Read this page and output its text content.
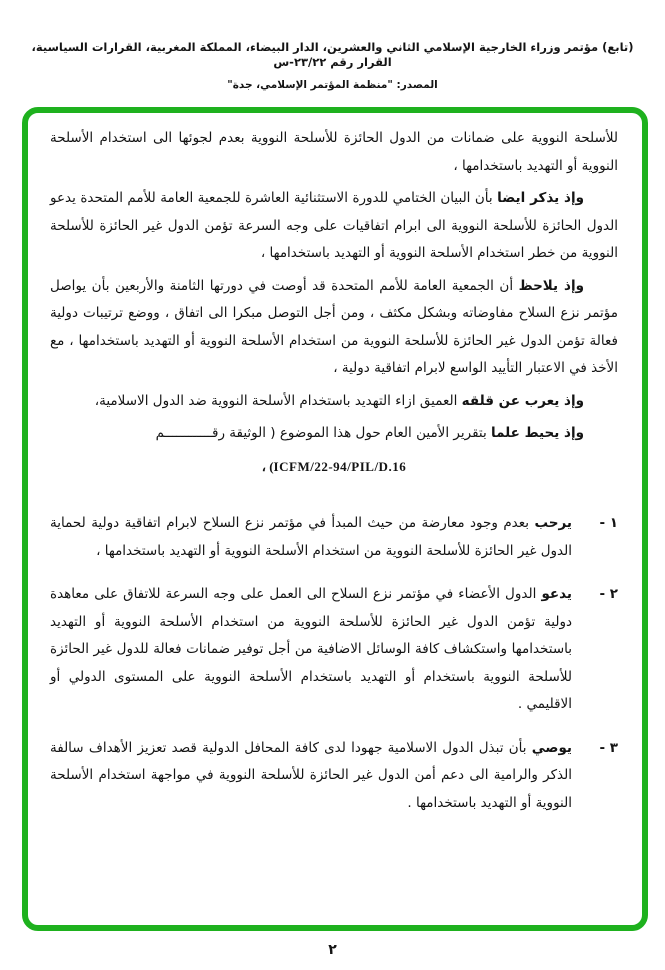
(تابع) مؤتمر وزراء الخارجية الإسلامي الثاني والعشرين، الدار البيضاء، المملكة المغربية، القرارات السياسية، القرار رقم ٢٣/٢٢-س
المصدر: "منظمة المؤتمر الإسلامي، جدة"

للأسلحة النووية على ضمانات من الدول الحائزة للأسلحة النووية بعدم لجوئها الى استخدام الأسلحة النووية أو التهديد باستخدامها ،

وإذ يذكر ايضا بأن البيان الختامي للدورة الاستثنائية العاشرة للجمعية العامة للأمم المتحدة يدعو الدول الحائزة للأسلحة النووية الى ابرام اتفاقيات على وجه السرعة تؤمن الدول غير الحائزة للأسلحة النووية من خطر استخدام الأسلحة النووية أو التهديد باستخدامها ،

وإذ يلاحظ أن الجمعية العامة للأمم المتحدة قد أوصت في دورتها الثامنة والأربعين بأن يواصل مؤتمر نزع السلاح مفاوضاته وبشكل مكثف ، ومن أجل التوصل مبكرا الى اتفاق ، ووضع ترتيبات دولية فعالة تؤمن الدول غير الحائزة للأسلحة النووية من استخدام الأسلحة النووية أو التهديد باستخدامها ، مع الأخذ في الاعتبار التأييد الواسع لابرام اتفاقية دولية ،

وإذ يعرب عن قلقه العميق ازاء التهديد باستخدام الأسلحة النووية ضد الدول الاسلامية،

وإذ يحيط علما بتقرير الأمين العام حول هذا الموضوع ( الوثيقة رقــــــــــــم

، (ICFM/22-94/PIL/D.16

١ -
يرحب بعدم وجود معارضة من حيث المبدأ في مؤتمر نزع السلاح لابرام اتفاقية دولية لحماية الدول غير الحائزة للأسلحة النووية من استخدام الأسلحة النووية أو التهديد باستخدامها ،
٢ -
يدعو الدول الأعضاء في مؤتمر نزع السلاح الى العمل على وجه السرعة للاتفاق على معاهدة دولية تؤمن الدول غير الحائزة للأسلحة النووية من استخدام الأسلحة النووية أو التهديد باستخدامها واستكشاف كافة الوسائل الاضافية من أجل توفير ضمانات فعالة للدول غير الحائزة للأسلحة النووية باستخدام أو التهديد باستخدام الأسلحة النووية على المستوى الدولي أو الاقليمي .
٣ -
يوصي بأن تبذل الدول الاسلامية جهودا لدى كافة المحافل الدولية قصد تعزيز الأهداف سالفة الذكر والرامية الى دعم أمن الدول غير الحائزة للأسلحة النووية في مواجهة استخدام الأسلحة النووية أو التهديد باستخدامها .
٢
